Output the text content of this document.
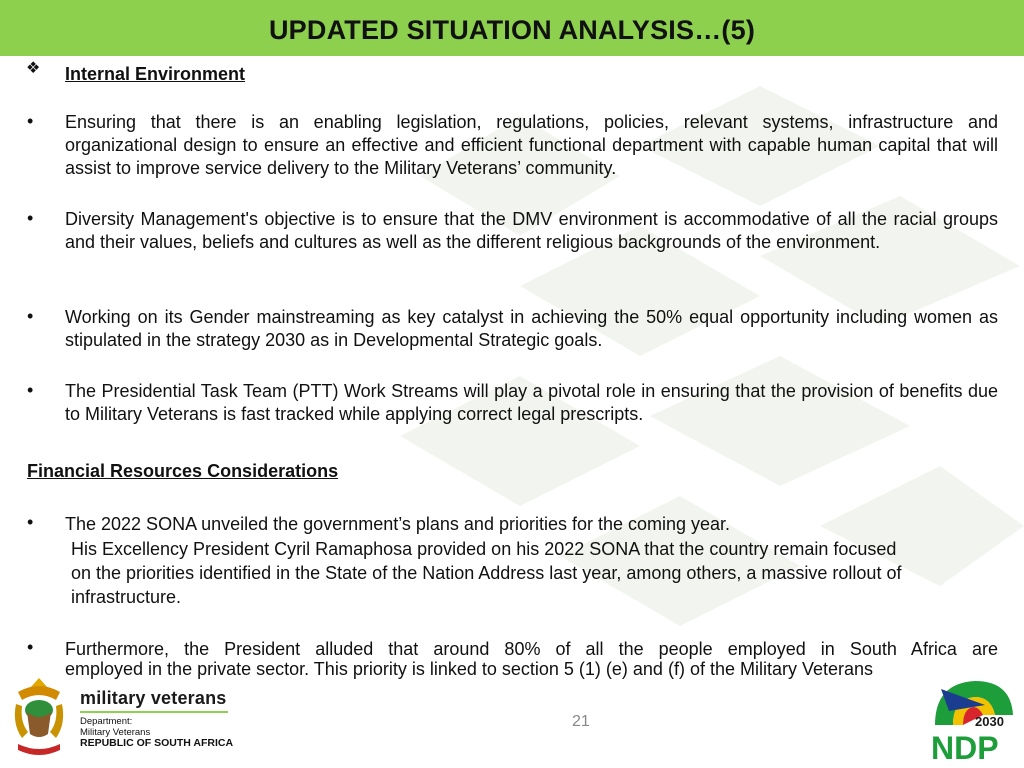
UPDATED SITUATION ANALYSIS…(5)
❖ Internal Environment
• Ensuring that there is an enabling legislation, regulations, policies, relevant systems, infrastructure and organizational design to ensure an effective and efficient functional department with capable human capital that will assist to improve service delivery to the Military Veterans’ community.
• Diversity Management's objective is to ensure that the DMV environment is accommodative of all the racial groups and their values, beliefs and cultures as well as the different religious backgrounds of the environment.
• Working on its Gender mainstreaming as key catalyst in achieving the 50% equal opportunity including women as stipulated in the strategy 2030 as in Developmental Strategic goals.
• The Presidential Task Team (PTT) Work Streams will play a pivotal role in ensuring that the provision of benefits due to Military Veterans is fast tracked while applying correct legal prescripts.
Financial Resources Considerations
• The 2022 SONA unveiled the government’s plans and priorities for the coming year.
His Excellency President Cyril Ramaphosa provided on his 2022 SONA that the country remain focused
on the priorities identified in the State of the Nation Address last year, among others, a massive rollout of
infrastructure.
• Furthermore, the President alluded that around 80% of all the people employed in South Africa are
employed in the private sector. This priority is linked to section 5 (1) (e) and (f) of the Military Veterans
military veterans
Department:
Military Veterans
REPUBLIC OF SOUTH AFRICA
21	2030
NDP
